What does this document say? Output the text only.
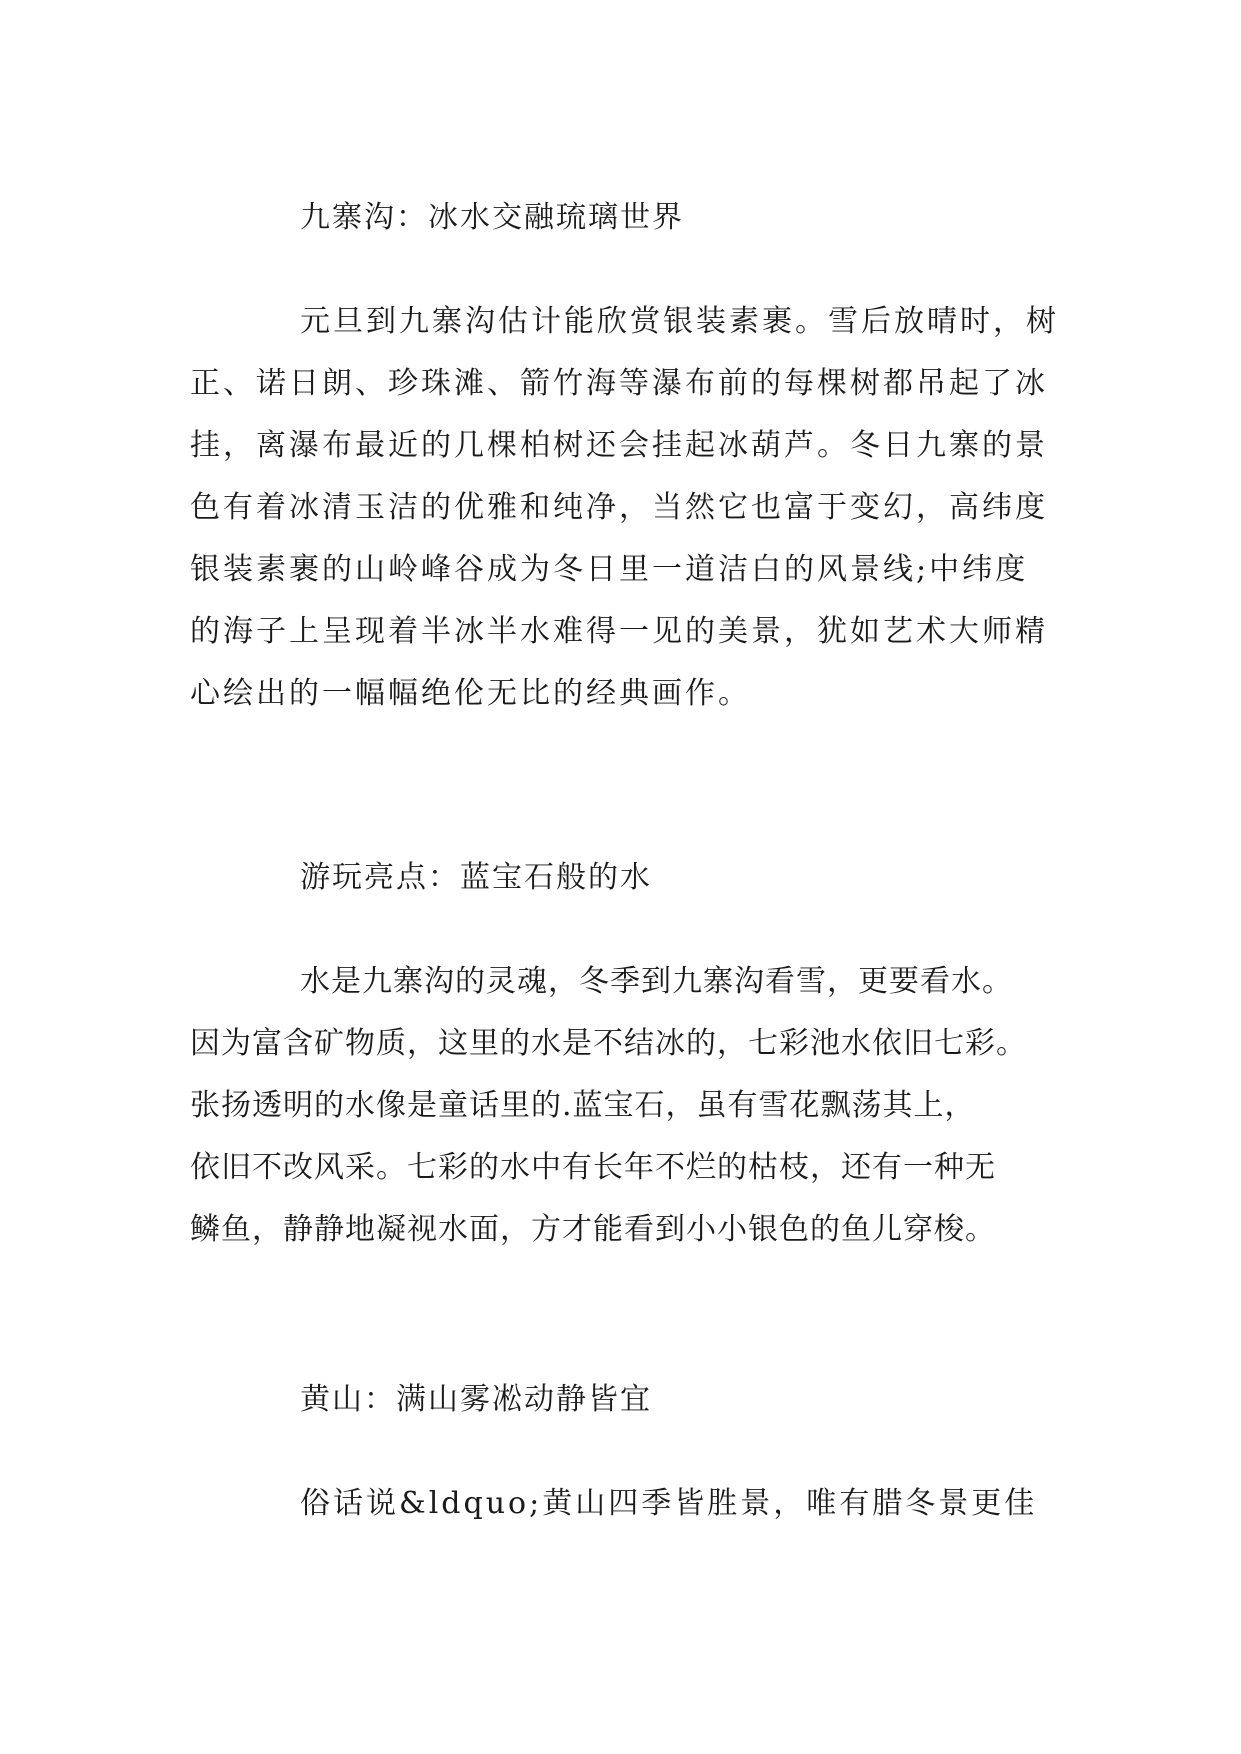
九寨沟：冰水交融琉璃世界
元旦到九寨沟估计能欣赏银装素裹。雪后放晴时，树
正、诺日朗、珍珠滩、箭竹海等瀑布前的每棵树都吊起了冰
挂，离瀑布最近的几棵柏树还会挂起冰葫芦。冬日九寨的景
色有着冰清玉洁的优雅和纯净，当然它也富于变幻，高纬度
银装素裹的山岭峰谷成为冬日里一道洁白的风景线;中纬度
的海子上呈现着半冰半水难得一见的美景，犹如艺术大师精
心绘出的一幅幅绝伦无比的经典画作。
游玩亮点：蓝宝石般的水
水是九寨沟的灵魂，冬季到九寨沟看雪，更要看水。
因为富含矿物质，这里的水是不结冰的，七彩池水依旧七彩。
张扬透明的水像是童话里的.蓝宝石，虽有雪花飘荡其上，
依旧不改风采。七彩的水中有长年不烂的枯枝，还有一种无
鳞鱼，静静地凝视水面，方才能看到小小银色的鱼儿穿梭。
黄山：满山雾凇动静皆宜
俗话说&ldquo;黄山四季皆胜景，唯有腊冬景更佳
